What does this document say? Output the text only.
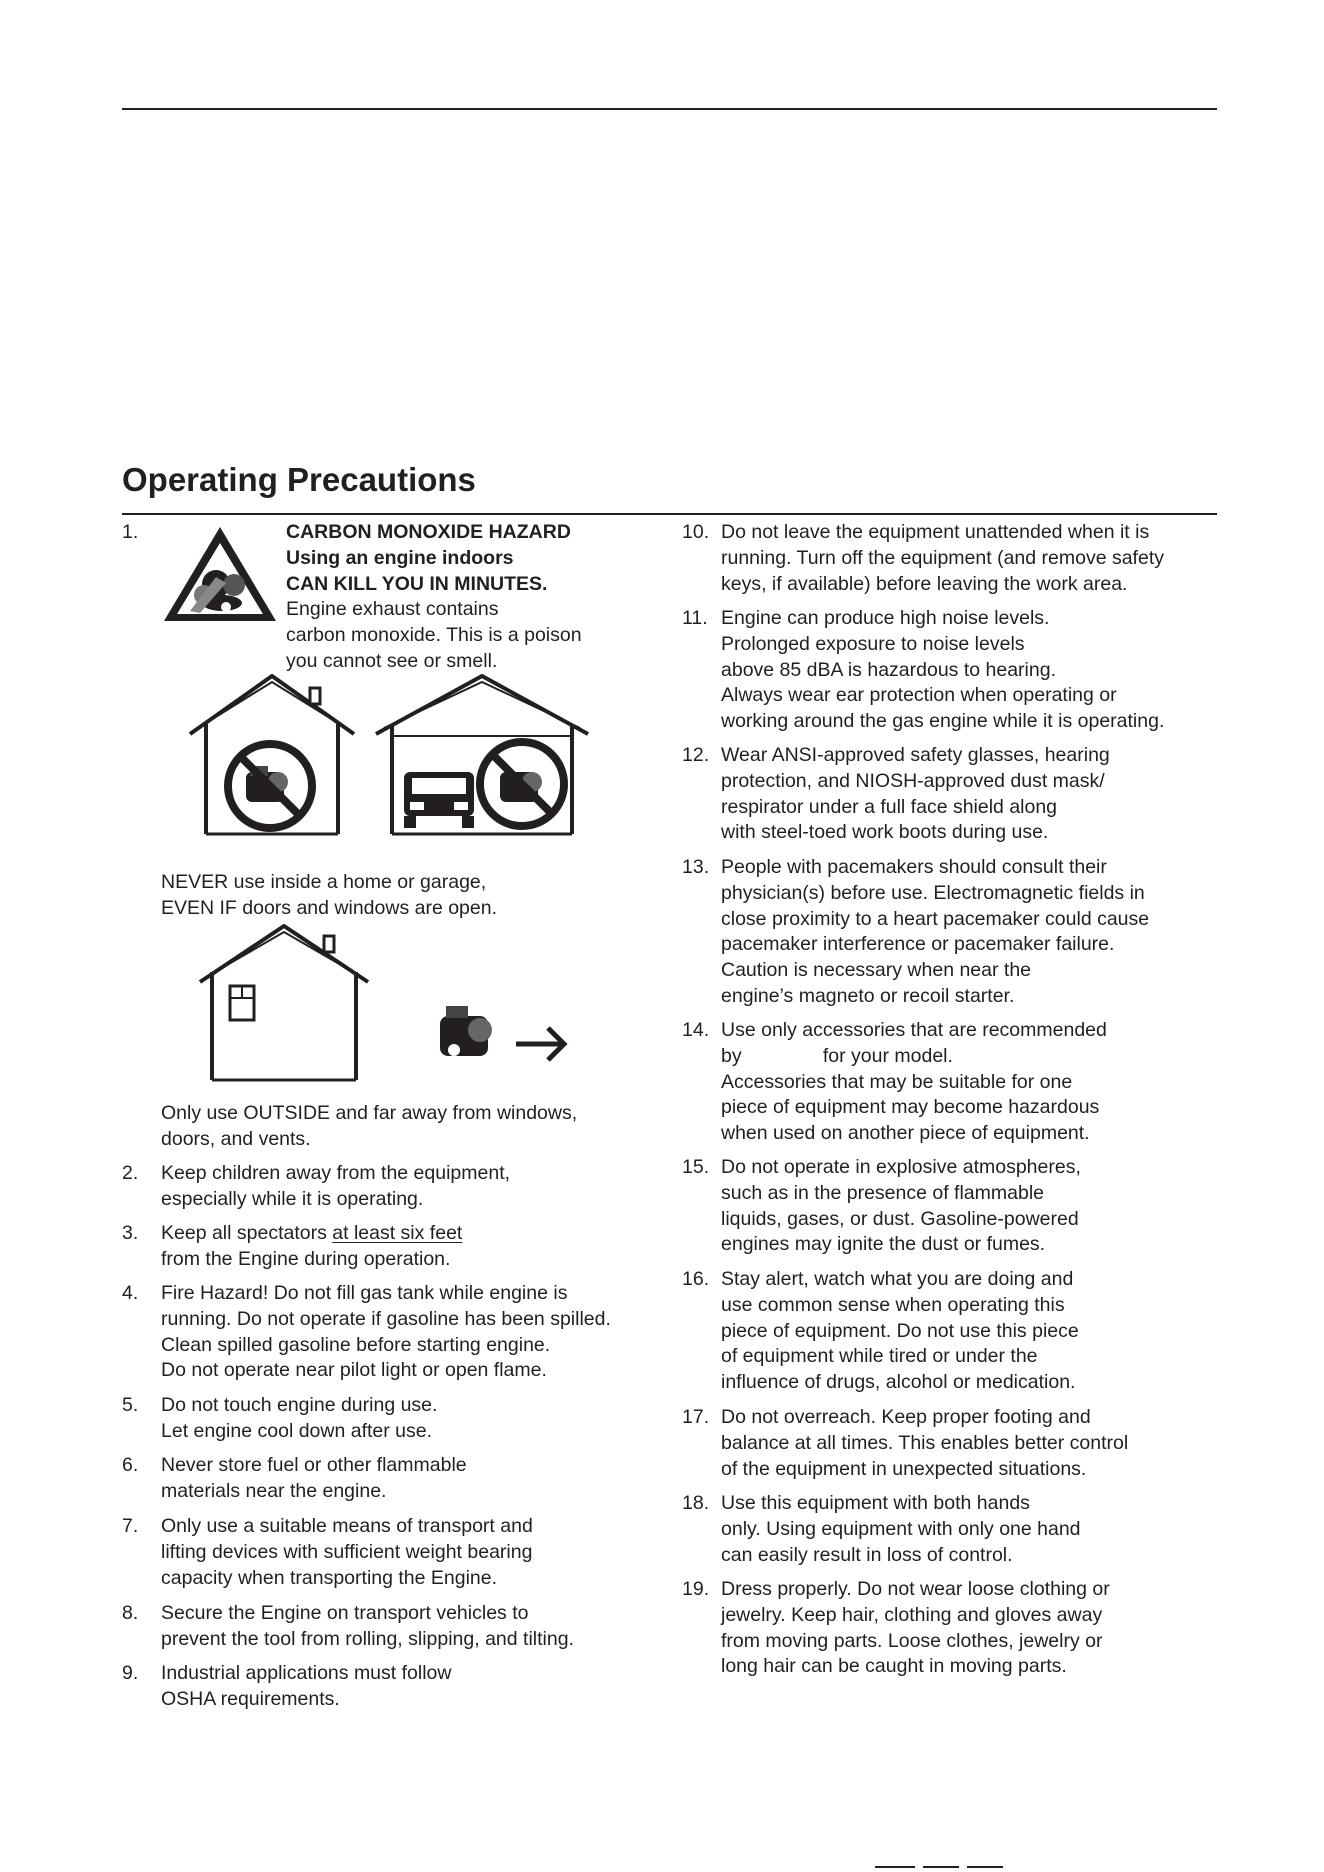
Operating Precautions
1.	CARBON MONOXIDE HAZARD
Using an engine indoors
CAN KILL YOU IN MINUTES.
Engine exhaust contains
carbon monoxide. This is a poison
you cannot see or smell.
NEVER use inside a home or garage,
EVEN IF doors and windows are open.
Only use OUTSIDE and far away from windows,
doors, and vents.
2. Keep children away from the equipment,
especially while it is operating.
3. Keep all spectators at least six feet
from the Engine during operation.
4. Fire Hazard! Do not fill gas tank while engine is
running. Do not operate if gasoline has been spilled.
Clean spilled gasoline before starting engine.
Do not operate near pilot light or open flame.
5. Do not touch engine during use.
Let engine cool down after use.
6. Never store fuel or other flammable
materials near the engine.
7. Only use a suitable means of transport and
lifting devices with sufficient weight bearing
capacity when transporting the Engine.
8. Secure the Engine on transport vehicles to
prevent the tool from rolling, slipping, and tilting.
9. Industrial applications must follow
OSHA requirements.
10. Do not leave the equipment unattended when it is
running. Turn off the equipment (and remove safety
keys, if available) before leaving the work area.
11. Engine can produce high noise levels.
Prolonged exposure to noise levels
above 85 dBA is hazardous to hearing.
Always wear ear protection when operating or
working around the gas engine while it is operating.
12. Wear ANSI-approved safety glasses, hearing
protection, and NIOSH-approved dust mask/
respirator under a full face shield along
with steel-toed work boots during use.
13. People with pacemakers should consult their
physician(s) before use. Electromagnetic fields in
close proximity to a heart pacemaker could cause
pacemaker interference or pacemaker failure.
Caution is necessary when near the
engine’s magneto or recoil starter.
14. Use only accessories that are recommended
by               for your model.
Accessories that may be suitable for one
piece of equipment may become hazardous
when used on another piece of equipment.
15. Do not operate in explosive atmospheres,
such as in the presence of flammable
liquids, gases, or dust. Gasoline-powered
engines may ignite the dust or fumes.
16. Stay alert, watch what you are doing and
use common sense when operating this
piece of equipment. Do not use this piece
of equipment while tired or under the
influence of drugs, alcohol or medication.
17. Do not overreach. Keep proper footing and
balance at all times. This enables better control
of the equipment in unexpected situations.
18. Use this equipment with both hands
only. Using equipment with only one hand
can easily result in loss of control.
19. Dress properly. Do not wear loose clothing or
jewelry. Keep hair, clothing and gloves away
from moving parts. Loose clothes, jewelry or
long hair can be caught in moving parts.
